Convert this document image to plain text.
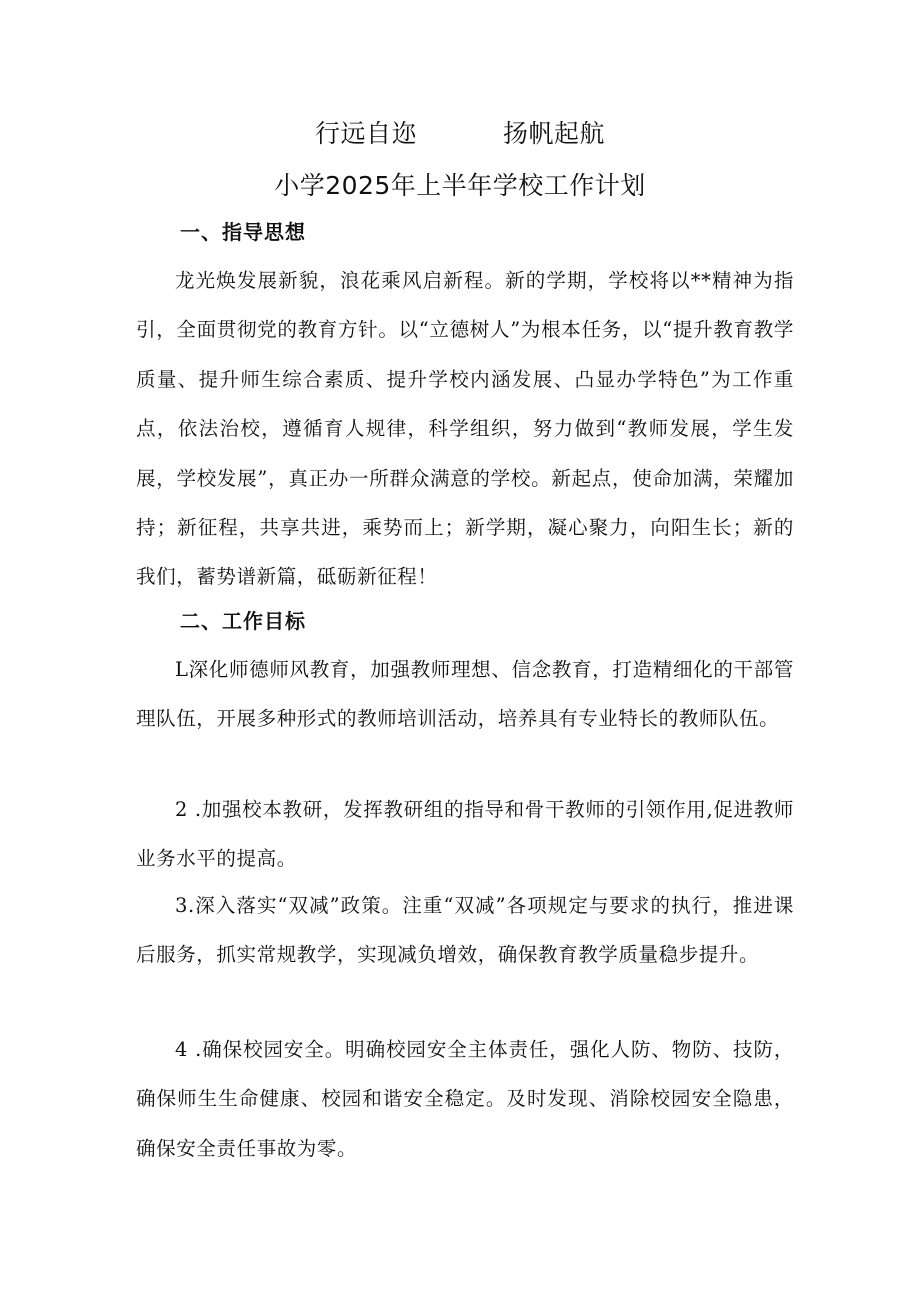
行远自迩	扬帆起航
小学2025年上半年学校工作计划
一、指导思想
龙光焕发展新貌，浪花乘风启新程。新的学期，学校将以**精神为指引，全面贯彻党的教育方针。以“立德树人”为根本任务，以“提升教育教学质量、提升师生综合素质、提升学校内涵发展、凸显办学特色”为工作重点，依法治校，遵循育人规律，科学组织，努力做到“教师发展，学生发展，学校发展”，真正办一所群众满意的学校。新起点，使命加满，荣耀加持；新征程，共享共进，乘势而上；新学期，凝心聚力，向阳生长；新的我们，蓄势谱新篇，砥砺新征程！
二、工作目标
L深化师德师风教育，加强教师理想、信念教育，打造精细化的干部管理队伍，开展多种形式的教师培训活动，培养具有专业特长的教师队伍。
2 .加强校本教研，发挥教研组的指导和骨干教师的引领作用,促进教师业务水平的提高。
3.深入落实“双减”政策。注重“双减”各项规定与要求的执行，推进课后服务，抓实常规教学，实现减负增效，确保教育教学质量稳步提升。
4 .确保校园安全。明确校园安全主体责任，强化人防、物防、技防，确保师生生命健康、校园和谐安全稳定。及时发现、消除校园安全隐患，确保安全责任事故为零。
